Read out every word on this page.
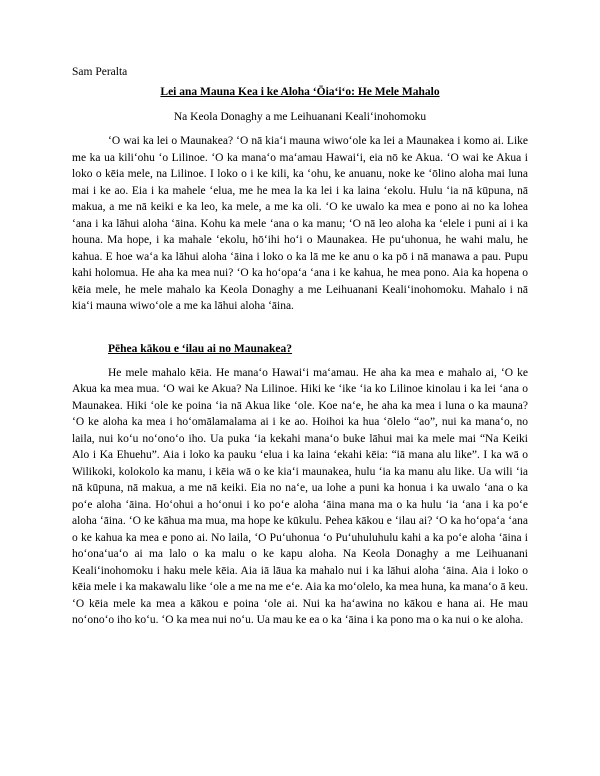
Sam Peralta

Lei ana Mauna Kea i ke Aloha ʻŌiaʻiʻo: He Mele Mahalo

Na Keola Donaghy a me Leihuanani Kealiʻinohomoku

ʻO wai ka lei o Maunakea? ʻO nā kiaʻi mauna wiwoʻole ka lei a Maunakea i komo ai. Like me ka ua kiliʻohu ʻo Lilinoe. ʻO ka manaʻo maʻamau Hawaiʻi, eia nō ke Akua. ʻO wai ke Akua i loko o kēia mele, na Lilinoe. I loko o i ke kili, ka ʻohu, ke anuanu, noke ke ʻōlino aloha mai luna mai i ke ao. Eia i ka mahele ʻelua, me he mea la ka lei i ka laina ʻekolu. Hulu ʻia nā kūpuna, nā makua, a me nā keiki e ka leo, ka mele, a me ka oli. ʻO ke uwalo ka mea e pono ai no ka lohea ʻana i ka lāhui aloha ʻāina. Kohu ka mele ʻana o ka manu; ʻO nā leo aloha ka ʻelele i puni ai i ka houna. Ma hope, i ka mahale ʻekolu, hōʻihi hoʻi o Maunakea. He puʻuhonua, he wahi malu, he kahua. E hoe waʻa ka lāhui aloha ʻāina i loko o ka lā me ke anu o ka pō i nā manawa a pau. Pupu kahi holomua. He aha ka mea nui? ʻO ka hoʻopaʻa ʻana i ke kahua, he mea pono. Aia ka hopena o kēia mele, he mele mahalo ka Keola Donaghy a me Leihuanani Kealiʻinohomoku. Mahalo i nā kiaʻi mauna wiwoʻole a me ka lāhui aloha ʻāina.

Pēhea kākou e ʻilau ai no Maunakea?

He mele mahalo kēia. He manaʻo Hawaiʻi maʻamau. He aha ka mea e mahalo ai, ʻO ke Akua ka mea mua. ʻO wai ke Akua? Na Lilinoe. Hiki ke ʻike ʻia ko Lilinoe kinolau i ka lei ʻana o Maunakea. Hiki ʻole ke poina ʻia nā Akua like ʻole. Koe naʻe, he aha ka mea i luna o ka mauna? ʻO ke aloha ka mea i hoʻomālamalama ai i ke ao. Hoihoi ka hua ʻōlelo “ao”, nui ka manaʻo, no laila, nui koʻu noʻonoʻo iho. Ua puka ʻia kekahi manaʻo buke lāhui mai ka mele mai “Na Keiki Alo i Ka Ehuehu”. Aia i loko ka pauku ʻelua i ka laina ʻekahi kēia: “iā mana alu like”. I ka wā o Wilikoki, kolokolo ka manu, i kēia wā o ke kiaʻi maunakea, hulu ʻia ka manu alu like. Ua wili ʻia nā kūpuna, nā makua, a me nā keiki. Eia no naʻe, ua lohe a puni ka honua i ka uwalo ʻana o ka poʻe aloha ʻāina. Hoʻohui a hoʻonui i ko poʻe aloha ʻāina mana ma o ka hulu ʻia ʻana i ka poʻe aloha ʻāina. ʻO ke kāhua ma mua, ma hope ke kūkulu. Pehea kākou e ʻilau ai? ʻO ka hoʻopaʻa ʻana o ke kahua ka mea e pono ai. No laila, ʻO Puʻuhonua ʻo Puʻuhuluhulu kahi a ka poʻe aloha ʻāina i hoʻonaʻuaʻo ai ma lalo o ka malu o ke kapu aloha. Na Keola Donaghy a me Leihuanani Kealiʻinohomoku i haku mele kēia. Aia iā lāua ka mahalo nui i ka lāhui aloha ʻāina. Aia i loko o kēia mele i ka makawalu like ʻole a me na me eʻe. Aia ka moʻolelo, ka mea huna, ka manaʻo ā keu. ʻO kēia mele ka mea a kākou e poina ʻole ai. Nui ka haʻawina no kākou e hana ai. He mau noʻonoʻo iho koʻu. ʻO ka mea nui noʻu. Ua mau ke ea o ka ʻāina i ka pono ma o ka nui o ke aloha.
